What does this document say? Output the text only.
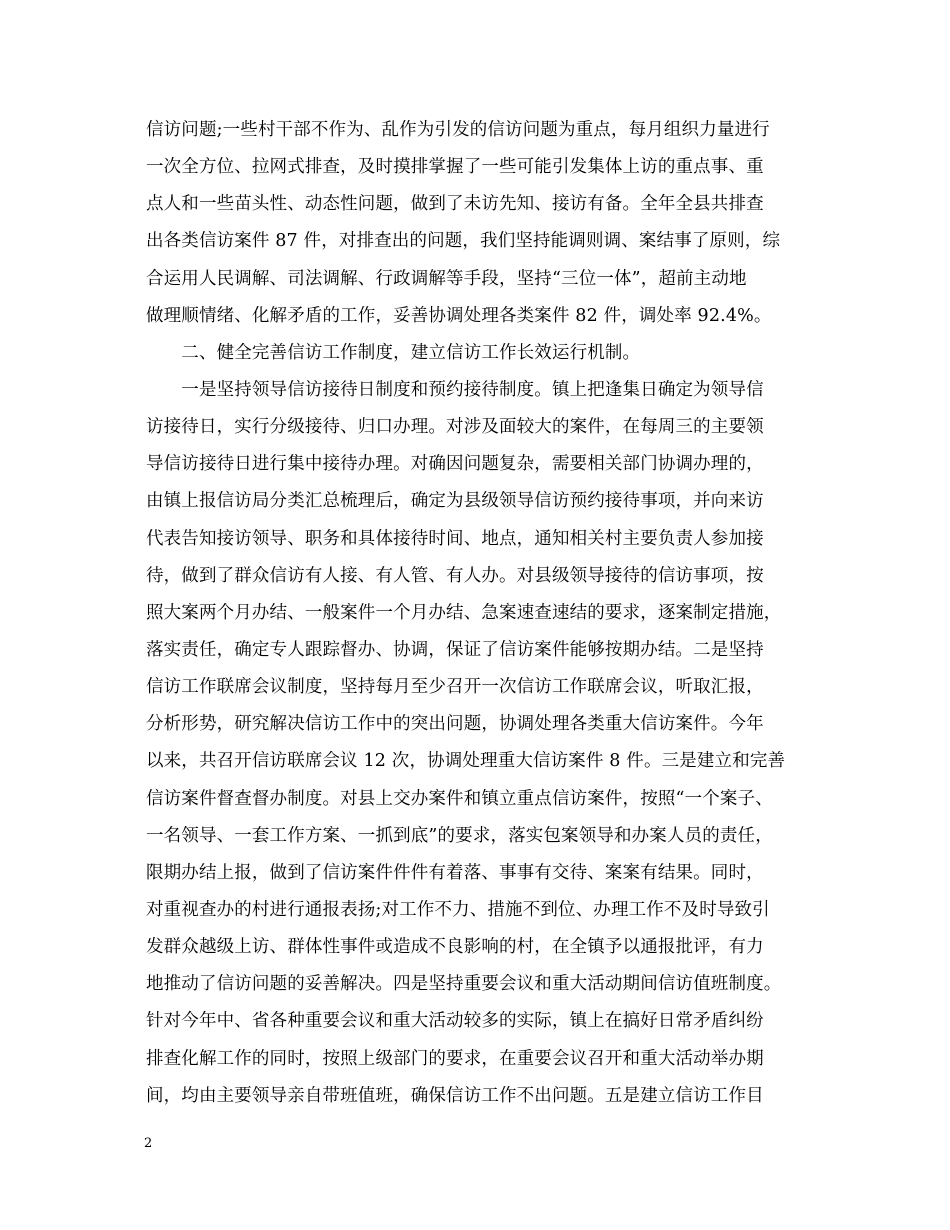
信访问题;一些村干部不作为、乱作为引发的信访问题为重点，每月组织力量进行
一次全方位、拉网式排查，及时摸排掌握了一些可能引发集体上访的重点事、重
点人和一些苗头性、动态性问题，做到了未访先知、接访有备。全年全县共排查
出各类信访案件 87 件，对排查出的问题，我们坚持能调则调、案结事了原则，综
合运用人民调解、司法调解、行政调解等手段，坚持“三位一体”，超前主动地
做理顺情绪、化解矛盾的工作，妥善协调处理各类案件 82 件，调处率 92.4%。
　　二、健全完善信访工作制度，建立信访工作长效运行机制。
　　一是坚持领导信访接待日制度和预约接待制度。镇上把逢集日确定为领导信
访接待日，实行分级接待、归口办理。对涉及面较大的案件，在每周三的主要领
导信访接待日进行集中接待办理。对确因问题复杂，需要相关部门协调办理的，
由镇上报信访局分类汇总梳理后，确定为县级领导信访预约接待事项，并向来访
代表告知接访领导、职务和具体接待时间、地点，通知相关村主要负责人参加接
待，做到了群众信访有人接、有人管、有人办。对县级领导接待的信访事项，按
照大案两个月办结、一般案件一个月办结、急案速查速结的要求，逐案制定措施，
落实责任，确定专人跟踪督办、协调，保证了信访案件能够按期办结。二是坚持
信访工作联席会议制度，坚持每月至少召开一次信访工作联席会议，听取汇报，
分析形势，研究解决信访工作中的突出问题，协调处理各类重大信访案件。今年
以来，共召开信访联席会议 12 次，协调处理重大信访案件 8 件。三是建立和完善
信访案件督查督办制度。对县上交办案件和镇立重点信访案件，按照“一个案子、
一名领导、一套工作方案、一抓到底”的要求，落实包案领导和办案人员的责任，
限期办结上报，做到了信访案件件件有着落、事事有交待、案案有结果。同时，
对重视查办的村进行通报表扬;对工作不力、措施不到位、办理工作不及时导致引
发群众越级上访、群体性事件或造成不良影响的村，在全镇予以通报批评，有力
地推动了信访问题的妥善解决。四是坚持重要会议和重大活动期间信访值班制度。
针对今年中、省各种重要会议和重大活动较多的实际，镇上在搞好日常矛盾纠纷
排查化解工作的同时，按照上级部门的要求，在重要会议召开和重大活动举办期
间，均由主要领导亲自带班值班，确保信访工作不出问题。五是建立信访工作目
2
